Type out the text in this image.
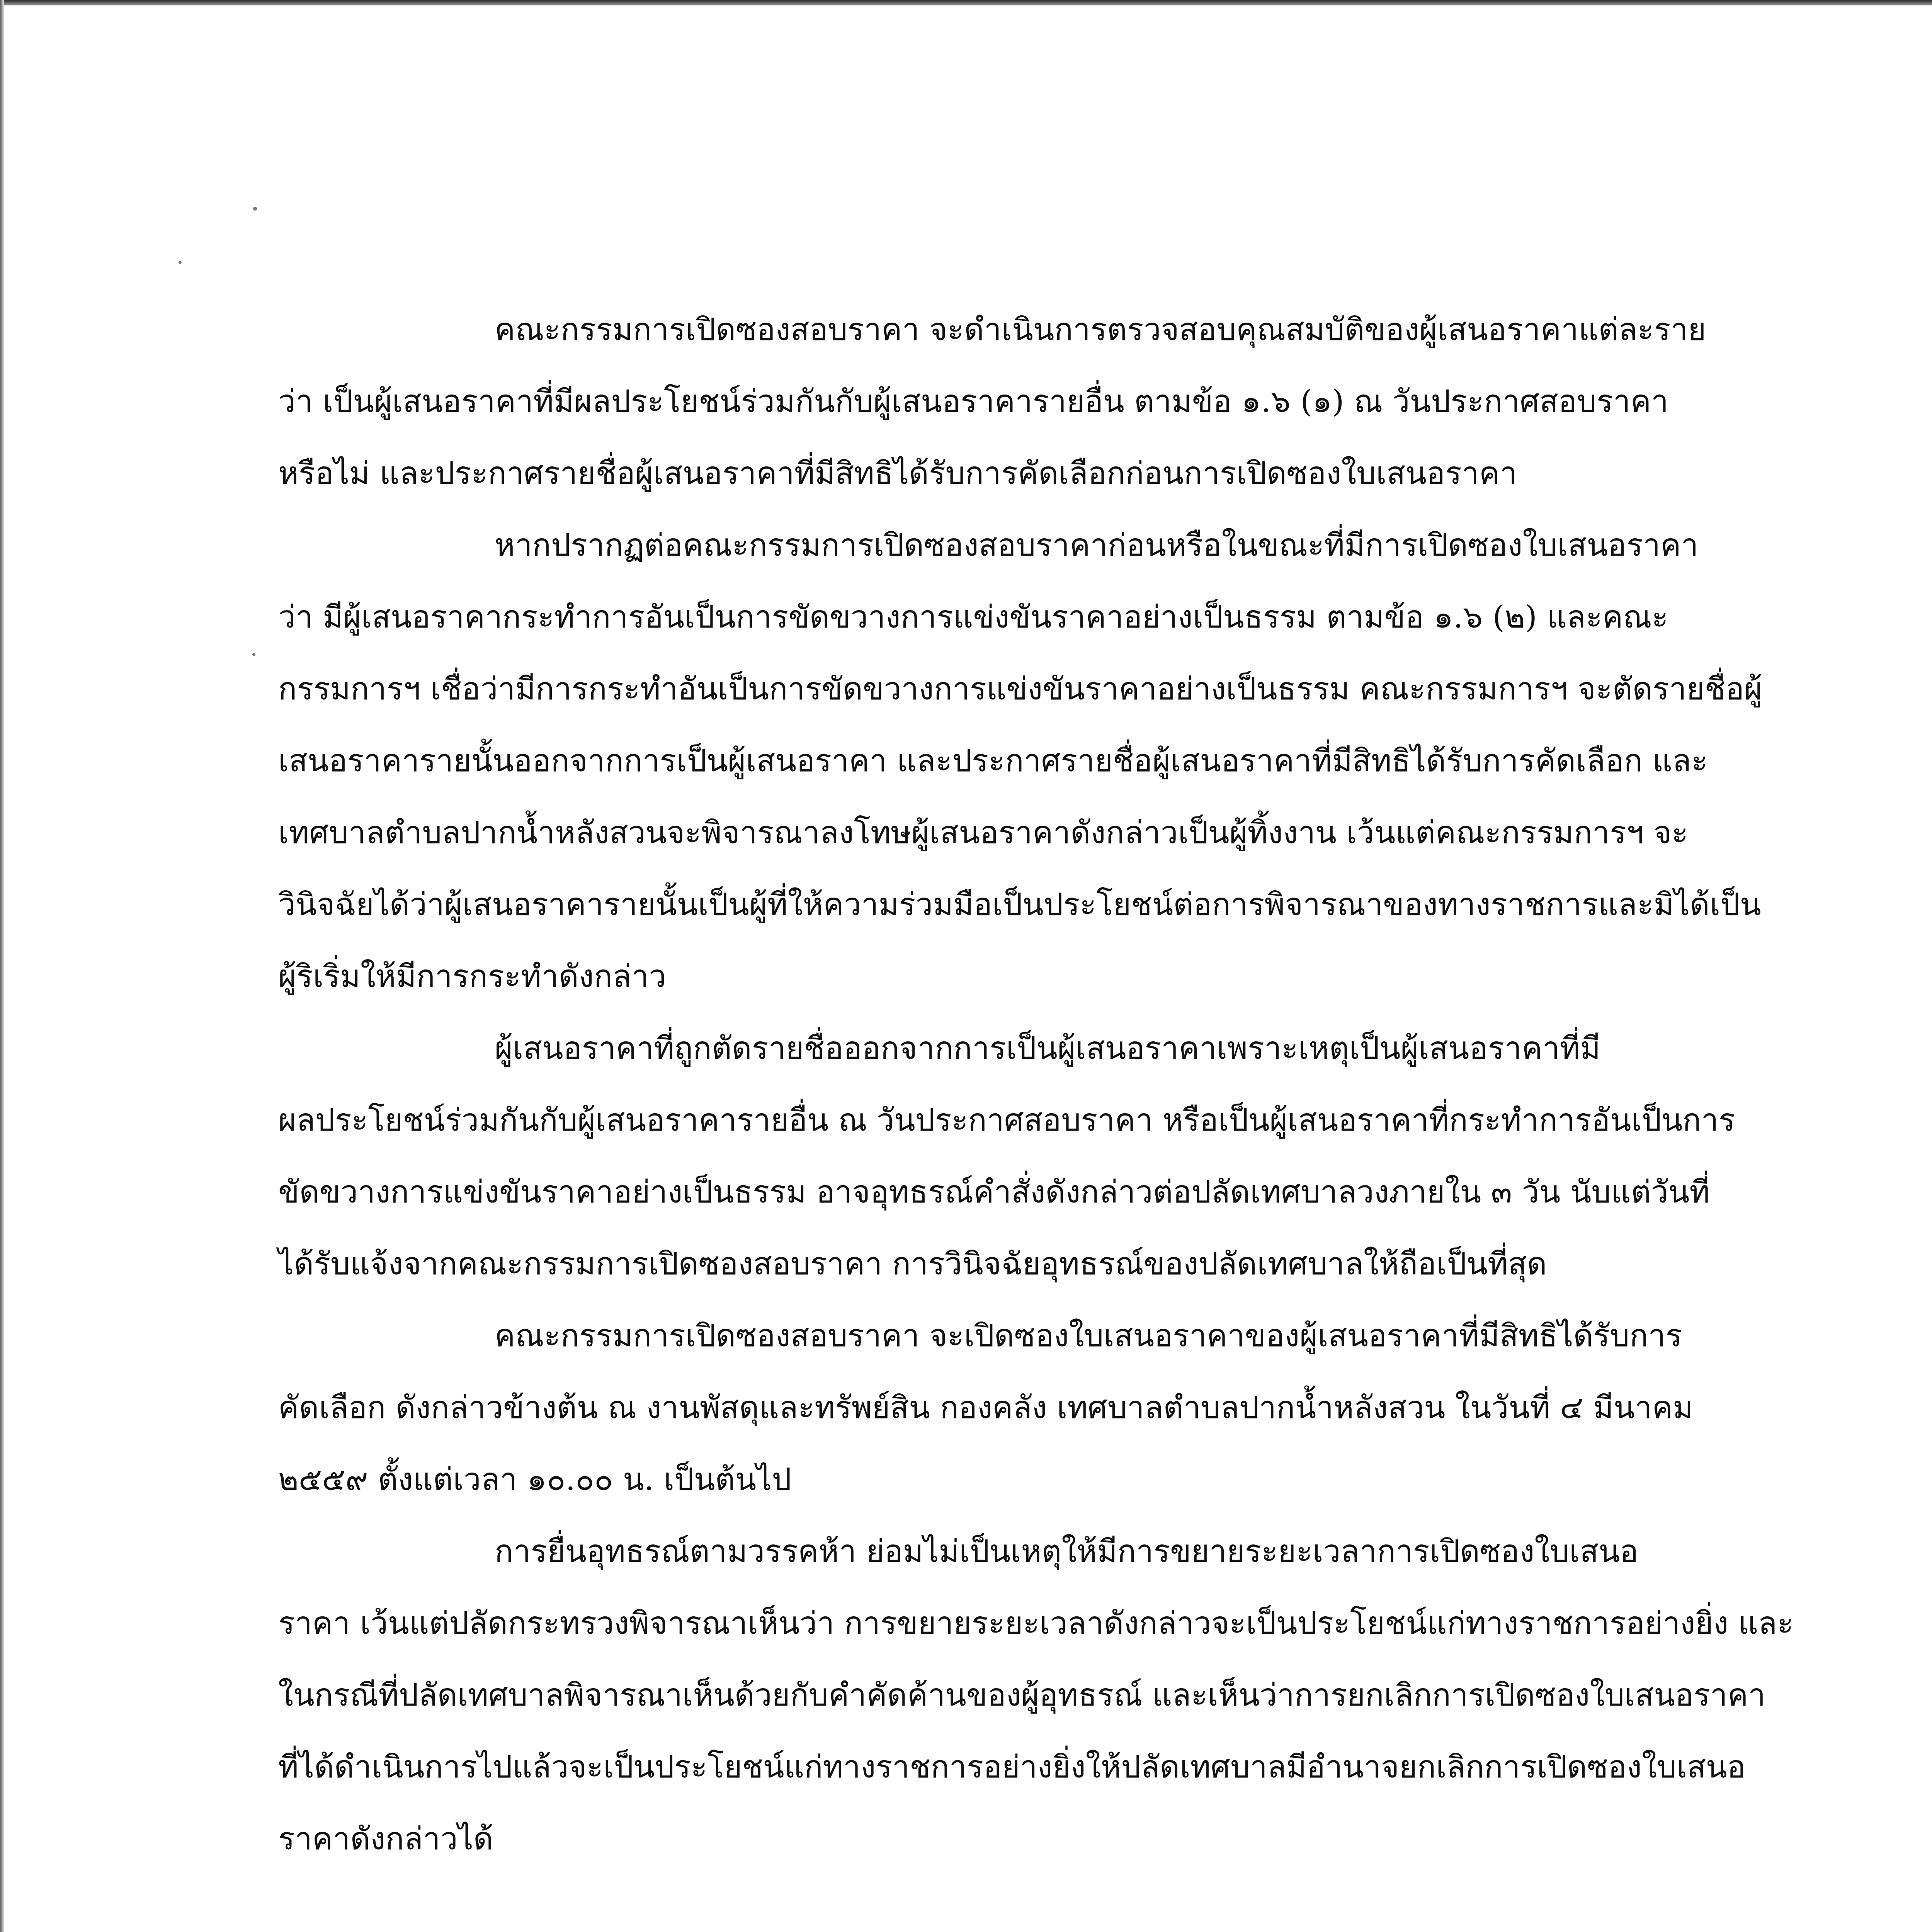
คณะกรรมการเปิดซองสอบราคา จะดำเนินการตรวจสอบคุณสมบัติของผู้เสนอราคาแต่ละราย
ว่า เป็นผู้เสนอราคาที่มีผลประโยชน์ร่วมกันกับผู้เสนอราคารายอื่น ตามข้อ ๑.๖ (๑) ณ วันประกาศสอบราคา
หรือไม่ และประกาศรายชื่อผู้เสนอราคาที่มีสิทธิได้รับการคัดเลือกก่อนการเปิดซองใบเสนอราคา
หากปรากฏต่อคณะกรรมการเปิดซองสอบราคาก่อนหรือในขณะที่มีการเปิดซองใบเสนอราคา
ว่า มีผู้เสนอราคากระทำการอันเป็นการขัดขวางการแข่งขันราคาอย่างเป็นธรรม ตามข้อ ๑.๖ (๒) และคณะ
กรรมการฯ เชื่อว่ามีการกระทำอันเป็นการขัดขวางการแข่งขันราคาอย่างเป็นธรรม คณะกรรมการฯ จะตัดรายชื่อผู้
เสนอราคารายนั้นออกจากการเป็นผู้เสนอราคา และประกาศรายชื่อผู้เสนอราคาที่มีสิทธิได้รับการคัดเลือก และ
เทศบาลตำบลปากน้ำหลังสวนจะพิจารณาลงโทษผู้เสนอราคาดังกล่าวเป็นผู้ทิ้งงาน เว้นแต่คณะกรรมการฯ จะ
วินิจฉัยได้ว่าผู้เสนอราคารายนั้นเป็นผู้ที่ให้ความร่วมมือเป็นประโยชน์ต่อการพิจารณาของทางราชการและมิได้เป็น
ผู้ริเริ่มให้มีการกระทำดังกล่าว
ผู้เสนอราคาที่ถูกตัดรายชื่อออกจากการเป็นผู้เสนอราคาเพราะเหตุเป็นผู้เสนอราคาที่มี
ผลประโยชน์ร่วมกันกับผู้เสนอราคารายอื่น ณ วันประกาศสอบราคา หรือเป็นผู้เสนอราคาที่กระทำการอันเป็นการ
ขัดขวางการแข่งขันราคาอย่างเป็นธรรม อาจอุทธรณ์คำสั่งดังกล่าวต่อปลัดเทศบาลวงภายใน ๓ วัน นับแต่วันที่
ได้รับแจ้งจากคณะกรรมการเปิดซองสอบราคา การวินิจฉัยอุทธรณ์ของปลัดเทศบาลให้ถือเป็นที่สุด
คณะกรรมการเปิดซองสอบราคา จะเปิดซองใบเสนอราคาของผู้เสนอราคาที่มีสิทธิได้รับการ
คัดเลือก ดังกล่าวข้างต้น ณ งานพัสดุและทรัพย์สิน กองคลัง เทศบาลตำบลปากน้ำหลังสวน ในวันที่ ๔ มีนาคม
๒๕๕๙ ตั้งแต่เวลา ๑๐.๐๐ น. เป็นต้นไป
การยื่นอุทธรณ์ตามวรรคห้า ย่อมไม่เป็นเหตุให้มีการขยายระยะเวลาการเปิดซองใบเสนอ
ราคา เว้นแต่ปลัดกระทรวงพิจารณาเห็นว่า การขยายระยะเวลาดังกล่าวจะเป็นประโยชน์แก่ทางราชการอย่างยิ่ง และ
ในกรณีที่ปลัดเทศบาลพิจารณาเห็นด้วยกับคำคัดค้านของผู้อุทธรณ์ และเห็นว่าการยกเลิกการเปิดซองใบเสนอราคา
ที่ได้ดำเนินการไปแล้วจะเป็นประโยชน์แก่ทางราชการอย่างยิ่งให้ปลัดเทศบาลมีอำนาจยกเลิกการเปิดซองใบเสนอ
ราคาดังกล่าวได้
